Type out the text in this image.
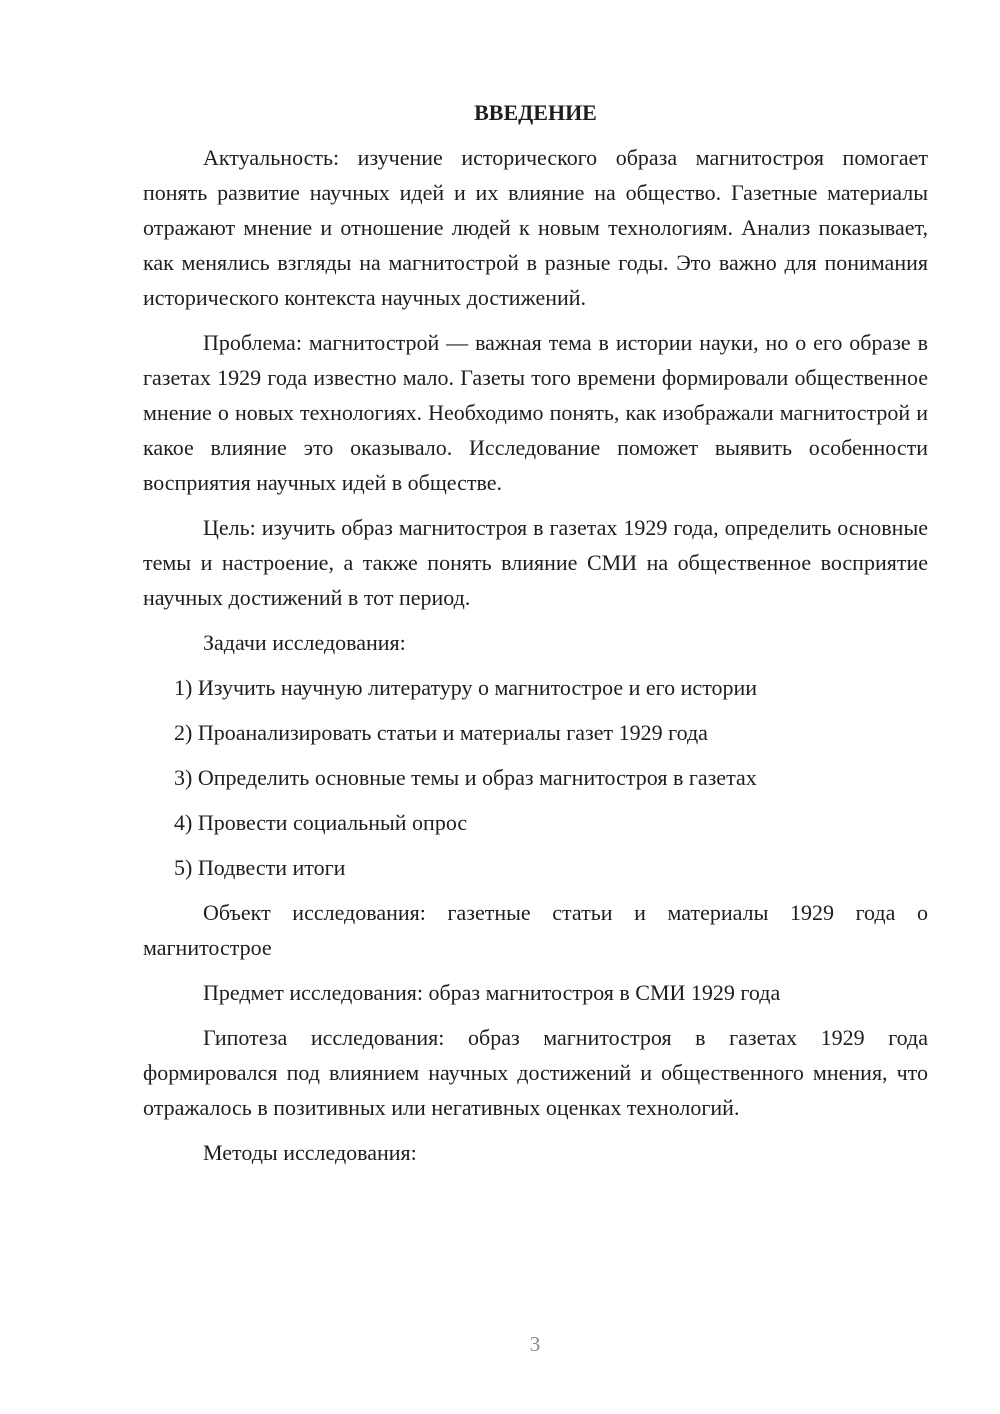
ВВЕДЕНИЕ

Актуальность: изучение исторического образа магнитостроя помогает понять развитие научных идей и их влияние на общество. Газетные материалы отражают мнение и отношение людей к новым технологиям. Анализ показывает, как менялись взгляды на магнитострой в разные годы. Это важно для понимания исторического контекста научных достижений.

Проблема: магнитострой — важная тема в истории науки, но о его образе в газетах 1929 года известно мало. Газеты того времени формировали общественное мнение о новых технологиях. Необходимо понять, как изображали магнитострой и какое влияние это оказывало. Исследование поможет выявить особенности восприятия научных идей в обществе.

Цель: изучить образ магнитостроя в газетах 1929 года, определить основные темы и настроение, а также понять влияние СМИ на общественное восприятие научных достижений в тот период.

Задачи исследования:

1) Изучить научную литературу о магнитострое и его истории
2) Проанализировать статьи и материалы газет 1929 года
3) Определить основные темы и образ магнитостроя в газетах
4) Провести социальный опрос
5) Подвести итоги

Объект исследования: газетные статьи и материалы 1929 года о магнитострое

Предмет исследования: образ магнитостроя в СМИ 1929 года

Гипотеза исследования: образ магнитостроя в газетах 1929 года формировался под влиянием научных достижений и общественного мнения, что отражалось в позитивных или негативных оценках технологий.

Методы исследования:

3
